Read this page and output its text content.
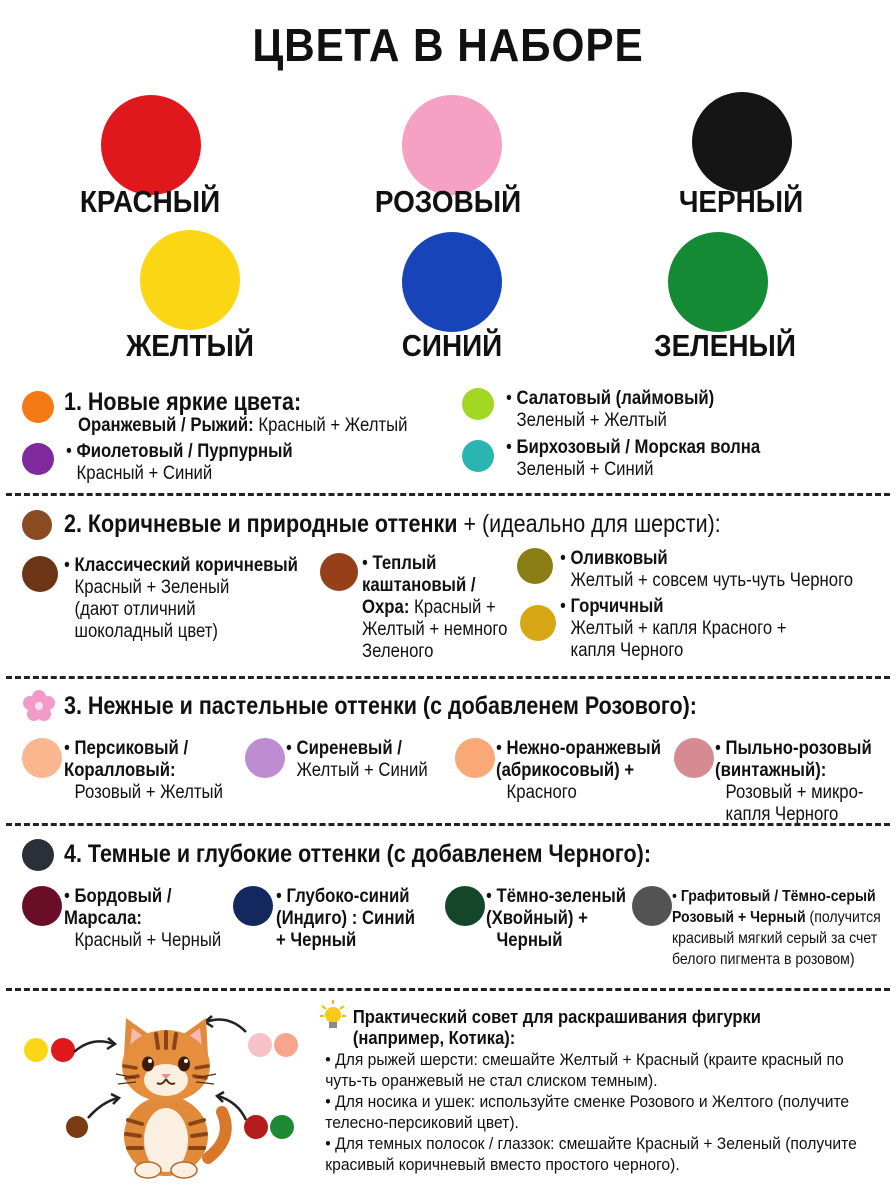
ЦВЕТА В НАБОРЕ
КРАСНЫЙ	РОЗОВЫЙ	ЧЕРНЫЙ
ЖЕЛТЫЙ	СИНИЙ	ЗЕЛЕНЫЙ
1. Новые яркие цвета:
Оранжевый / Рыжий: Красный + Желтый
• Фиолетовый / Пурпурный
Красный + Синий
• Салатовый (лаймовый)
Зеленый + Желтый
• Бирхозовый / Морская волна
Зеленый + Синий
2. Коричневые и природные оттенки + (идеально для шерсти):
• Классический коричневый
Красный + Зеленый (дают отличний шоколадный цвет)
• Теплый каштановый / Охра: Красный + Желтый + немного Зеленого
• Оливковый
Желтый + совсем чуть-чуть Черного
• Горчичный
Желтый + капля Красного + капля Черного
3. Нежные и пастельные оттенки (с добавленем Розового):
• Персиковый / Коралловый:
Розовый + Желтый
• Сиреневый /
Желтый + Синий
• Нежно-оранжевый (абрикосовый) +
Красного
• Пыльно-розовый (винтажный):
Розовый + микро-капля Черного
4. Темные и глубокие оттенки (с добавленем Черного):
• Бордовый / Марсала:
Красный + Черный
• Глубоко-синий (Индиго) : Синий + Черный
• Тёмно-зеленый (Хвойный) +
Черный
• Графитовый / Тёмно-серый Розовый + Черный (получится красивый мягкий серый за счет белого пигмента в розовом)
Практический совет для раскрашивания фигурки (например, Котика):
• Для рыжей шерсти: смешайте Желтый + Красный (кра​ите красный по чуть-ть оранжевый не стал слиском темным).
• Для носика и ушек: используйте сменке Розового и Желтого (получите телесно-персиковий цвет).
• Для темных полосок / глаззок: смешайте Красный + Зеленый (получите красивый коричневый вместо простого черного).
